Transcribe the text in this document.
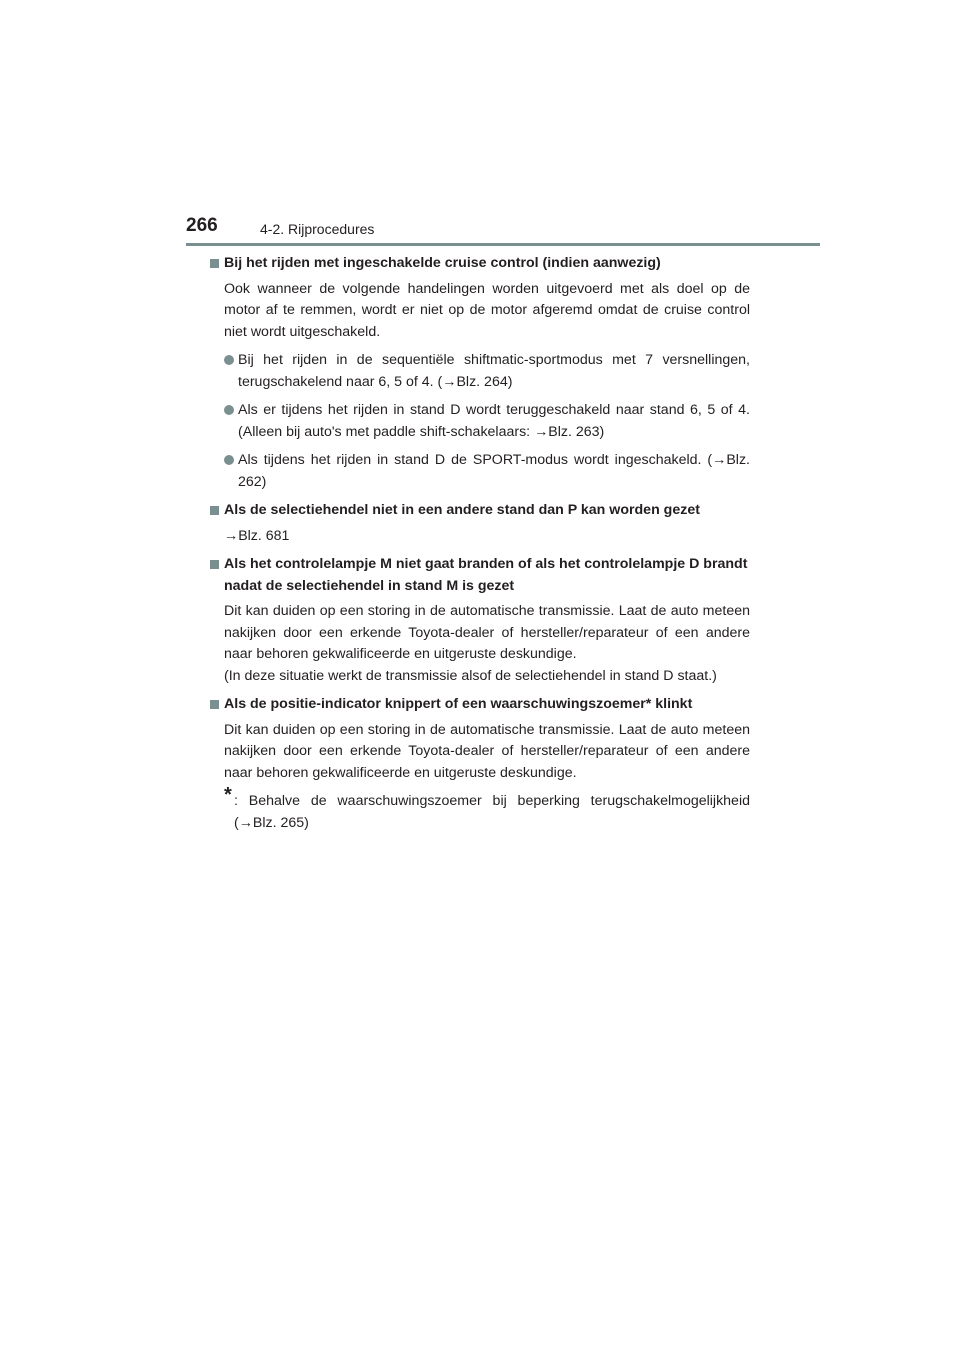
266	4-2. Rijprocedures
Bij het rijden met ingeschakelde cruise control (indien aanwezig)
Ook wanneer de volgende handelingen worden uitgevoerd met als doel op de motor af te remmen, wordt er niet op de motor afgeremd omdat de cruise control niet wordt uitgeschakeld.
Bij het rijden in de sequentiële shiftmatic-sportmodus met 7 versnellingen, terugschakelend naar 6, 5 of 4. (→Blz. 264)
Als er tijdens het rijden in stand D wordt teruggeschakeld naar stand 6, 5 of 4. (Alleen bij auto's met paddle shift-schakelaars: →Blz. 263)
Als tijdens het rijden in stand D de SPORT-modus wordt ingeschakeld. (→Blz. 262)
Als de selectiehendel niet in een andere stand dan P kan worden gezet
→Blz. 681
Als het controlelampje M niet gaat branden of als het controlelampje D brandt nadat de selectiehendel in stand M is gezet
Dit kan duiden op een storing in de automatische transmissie. Laat de auto meteen nakijken door een erkende Toyota-dealer of hersteller/reparateur of een andere naar behoren gekwalificeerde en uitgeruste deskundige.
(In deze situatie werkt de transmissie alsof de selectiehendel in stand D staat.)
Als de positie-indicator knippert of een waarschuwingszoemer* klinkt
Dit kan duiden op een storing in de automatische transmissie. Laat de auto meteen nakijken door een erkende Toyota-dealer of hersteller/reparateur of een andere naar behoren gekwalificeerde en uitgeruste deskundige.
* : Behalve de waarschuwingszoemer bij beperking terugschakelmogelijkheid (→Blz. 265)
